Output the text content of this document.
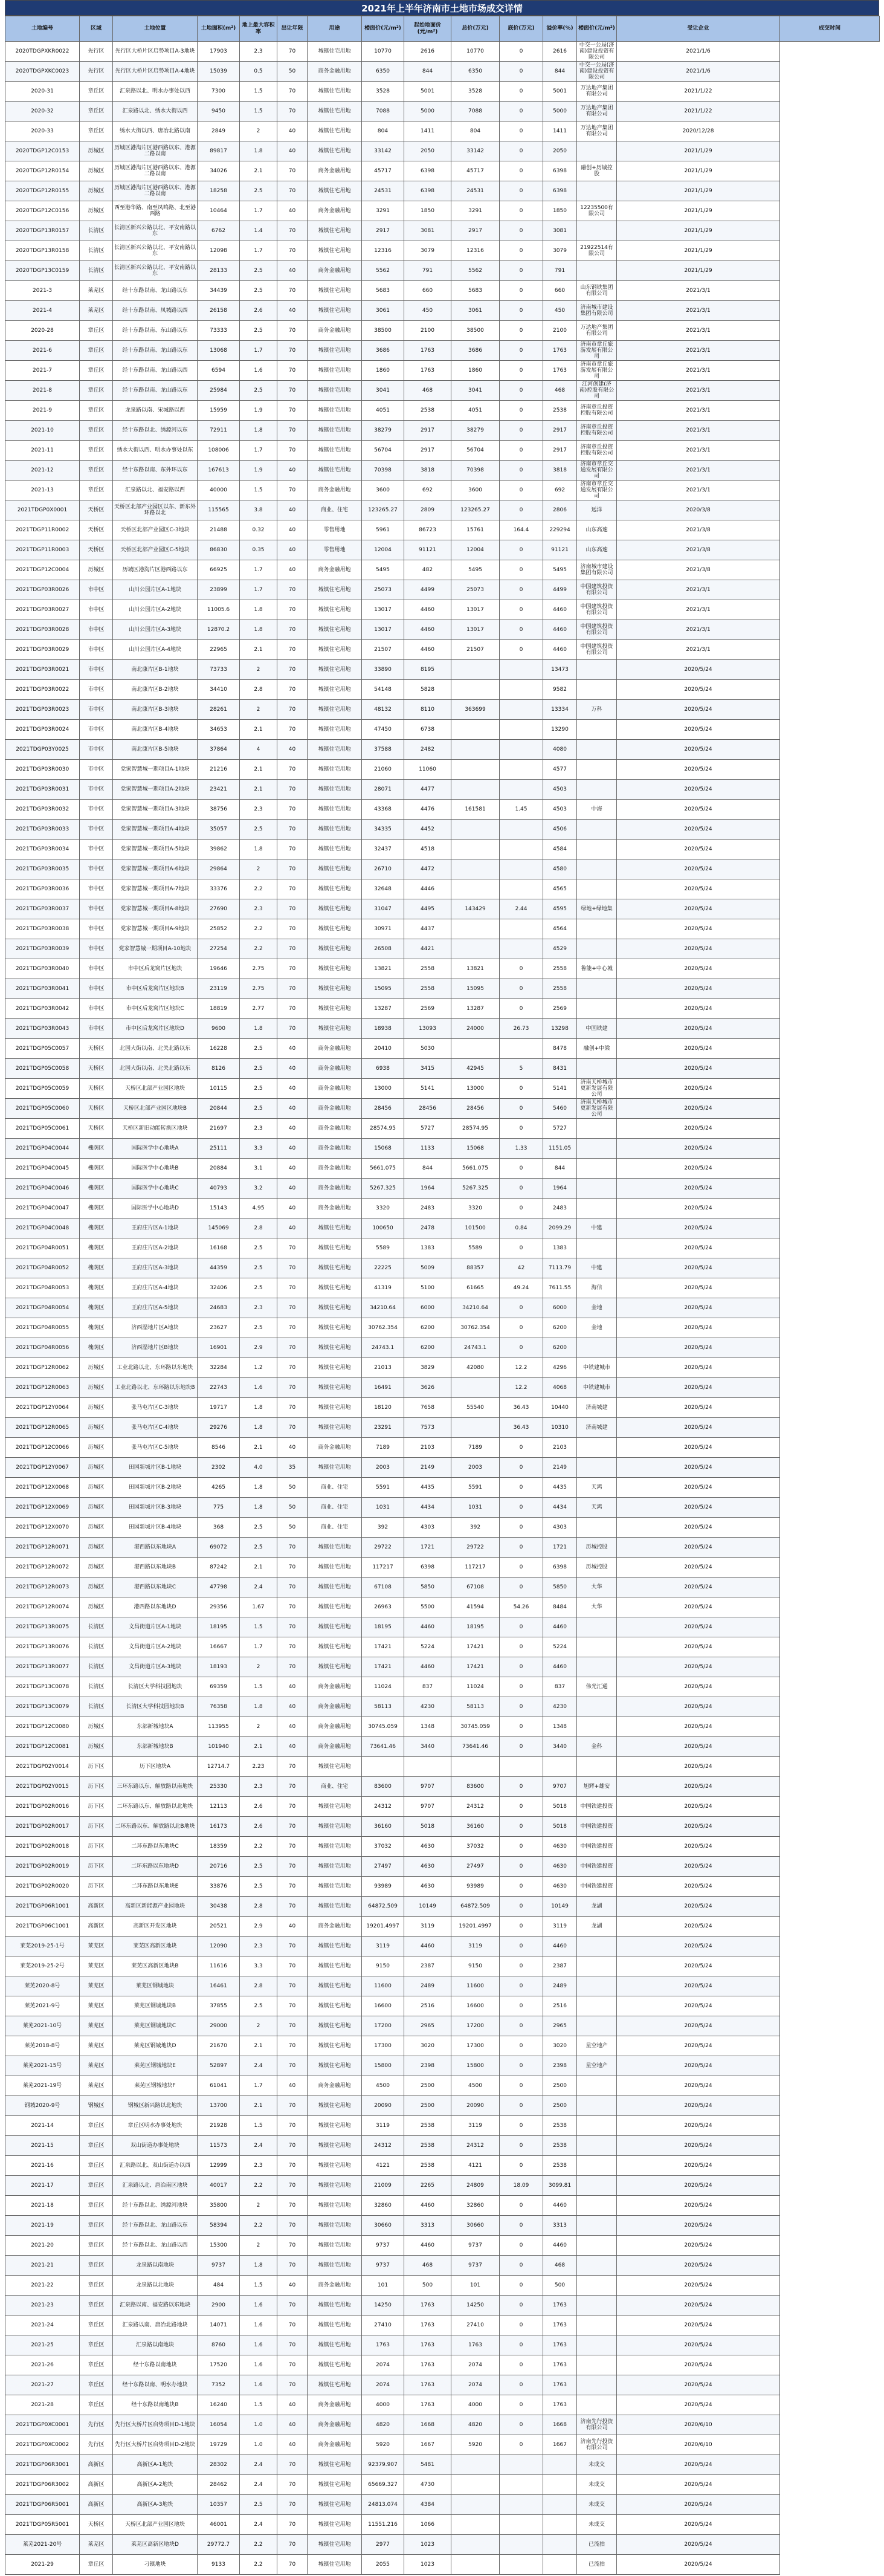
2021年上半年济南市土地市场成交详情
土地编号	区域	土地位置	土地面积(m²)	地上最大容积率	出让年限	用途	楼面价(元/m²)	起始地面价(元/m²)	总价(万元)	底价(万元)	溢价率(%)	楼面价(元/m²)	受让企业	成交时间
2020TDGPXKR0022	先行区	先行区大桥片区启势项目A-3地块	17903	2.3	70	城镇住宅用地	10770	2616	10770	0	2616	中交一公局(济南)建设投资有限公司	2021/1/6	
2020TDGPXKC0023	先行区	先行区大桥片区启势项目A-4地块	15039	0.5	50	商务金融用地	6350	844	6350	0	844	中交一公局(济南)建设投资有限公司	2021/1/6	
2020-31	章丘区	汇泉路以北、明水办事处以西	7300	1.5	70	城镇住宅用地	3528	5001	3528	0	5001	万达地产集团有限公司	2021/1/22	
2020-32	章丘区	汇泉路以北、绣水大街以西	9450	1.5	70	城镇住宅用地	7088	5000	7088	0	5000	万达地产集团有限公司	2021/1/22	
2020-33	章丘区	绣水大街以西、唐冶北路以南	2849	2	40	城镇住宅用地	804	1411	804	0	1411	万达地产集团有限公司	2020/12/28	
2020TDGP12C0153	历城区	历城区港沟片区港西路以东、港源二路以南	89817	1.8	40	城镇住宅用地	33142	2050	33142	0	2050		2021/1/29	
2020TDGP12R0154	历城区	历城区港沟片区港西路以东、港源二路以南	34026	2.1	70	商务金融用地	45717	6398	45717	0	6398	融创+历城控股	2021/1/29	
2020TDGP12R0155	历城区	历城区港沟片区港西路以东、港源二路以南	18258	2.5	70	城镇住宅用地	24531	6398	24531	0	6398		2021/1/29	
2020TDGP12C0156	历城区	西至港华路、南至凤鸣路、北至港西路	10464	1.7	40	商务金融用地	3291	1850	3291	0	1850	12235500有限公司	2021/1/29	
2020TDGP13R0157	长清区	长清区新兴公路以北、平安南路以东	6762	1.4	70	城镇住宅用地	2917	3081	2917	0	3081		2021/1/29	
2020TDGP13R0158	长清区	长清区新兴公路以北、平安南路以东	12098	1.7	70	城镇住宅用地	12316	3079	12316	0	3079	21922514有限公司	2021/1/29	
2020TDGP13C0159	长清区	长清区新兴公路以北、平安南路以东	28133	2.5	40	商务金融用地	5562	791	5562	0	791		2021/1/29	
2021-3	莱芜区	经十东路以南、龙山路以东	34439	2.5	70	城镇住宅用地	5683	660	5683	0	660	山东钢铁集团有限公司	2021/3/1	
2021-4	莱芜区	经十东路以南、凤城路以西	26158	2.6	40	城镇住宅用地	3061	450	3061	0	450	济南城市建设集团有限公司	2021/3/1	
2020-28	章丘区	经十东路以南、东山路以东	73333	2.5	70	商务金融用地	38500	2100	38500	0	2100	万达地产集团有限公司	2021/3/1	
2021-6	章丘区	经十东路以南、龙山路以东	13068	1.7	70	城镇住宅用地	3686	1763	3686	0	1763	济南市章丘旅游发展有限公司	2021/3/1	
2021-7	章丘区	经十东路以南、龙山路以西	6594	1.6	70	城镇住宅用地	1860	1763	1860	0	1763	济南市章丘旅游发展有限公司	2021/3/1	
2021-8	章丘区	经十东路以南、龙山路以东	25984	2.5	70	城镇住宅用地	3041	468	3041	0	468	江河创建(济南)控股有限公司	2021/3/1	
2021-9	章丘区	龙泉路以南、宋城路以西	15959	1.9	70	城镇住宅用地	4051	2538	4051	0	2538	济南章丘投资控股有限公司	2021/3/1	
2021-10	章丘区	经十东路以北、绣源河以东	72911	1.8	70	城镇住宅用地	38279	2917	38279	0	2917	济南章丘投资控股有限公司	2021/3/1	
2021-11	章丘区	绣水大街以西、明水办事处以东	108006	1.7	70	城镇住宅用地	56704	2917	56704	0	2917	济南章丘投资控股有限公司	2021/3/1	
2021-12	章丘区	经十东路以南、东外环以东	167613	1.9	40	城镇住宅用地	70398	3818	70398	0	3818	济南市章丘交通发展有限公司	2021/3/1	
2021-13	章丘区	汇泉路以北、福安路以西	40000	1.5	70	商务金融用地	3600	692	3600	0	692	济南市章丘交通发展有限公司	2021/3/1	
2021TDGP0X0001	天桥区	天桥区北部产业园区以东、新东外环路以北	115565	3.8	40	商业、住宅	123265.27	2809	123265.27	0	2806	远洋	2020/3/8	
2021TDGP11R0002	天桥区	天桥区北部产业园区C-3地块	21488	0.32	40	零售用地	5961	86723	15761	164.4	229294	山东高速	2021/3/8	
2021TDGP11R0003	天桥区	天桥区北部产业园区C-5地块	86830	0.35	40	零售用地	12004	91121	12004	0	91121	山东高速	2021/3/8	
2021TDGP12C0004	历城区	历城区港沟片区港西路以东	66925	1.7	40	商务金融用地	5495	482	5495	0	5495	济南城市建设集团有限公司	2021/3/8	
2021TDGP03R0026	市中区	山川公园片区A-1地块	23899	1.7	70	城镇住宅用地	25073	4499	25073	0	4499	中国建筑投资有限公司	2021/3/1	
2021TDGP03R0027	市中区	山川公园片区A-2地块	11005.6	1.8	70	城镇住宅用地	13017	4460	13017	0	4460	中国建筑投资有限公司	2021/3/1	
2021TDGP03R0028	市中区	山川公园片区A-3地块	12870.2	1.8	70	城镇住宅用地	13017	4460	13017	0	4460	中国建筑投资有限公司	2021/3/1	
2021TDGP03R0029	市中区	山川公园片区A-4地块	22965	2.1	70	城镇住宅用地	21507	4460	21507	0	4460	中国建筑投资有限公司	2021/3/1	
2021TDGP03R0021	市中区	南北康片区B-1地块	73733	2	70	城镇住宅用地	33890	8195			13473		2020/5/24	
2021TDGP03R0022	市中区	南北康片区B-2地块	34410	2.8	70	城镇住宅用地	54148	5828			9582		2020/5/24	
2021TDGP03R0023	市中区	南北康片区B-3地块	28261	2	70	城镇住宅用地	48132	8110	363699		13334	万科	2020/5/24	
2021TDGP03R0024	市中区	南北康片区B-4地块	34653	2.1	70	城镇住宅用地	47450	6738			13290		2020/5/24	
2021TDGP03Y0025	市中区	南北康片区B-5地块	37864	4	40	城镇住宅用地	37588	2482			4080		2020/5/24	
2021TDGP03R0030	市中区	党家智慧城一期项目A-1地块	21216	2.1	70	城镇住宅用地	21060	11060			4577		2020/5/24	
2021TDGP03R0031	市中区	党家智慧城一期项目A-2地块	23421	2.1	70	城镇住宅用地	28071	4477			4503		2020/5/24	
2021TDGP03R0032	市中区	党家智慧城一期项目A-3地块	38756	2.3	70	城镇住宅用地	43368	4476	161581	1.45	4503	中海	2020/5/24	
2021TDGP03R0033	市中区	党家智慧城一期项目A-4地块	35057	2.5	70	城镇住宅用地	34335	4452			4506		2020/5/24	
2021TDGP03R0034	市中区	党家智慧城一期项目A-5地块	39862	1.8	70	城镇住宅用地	32437	4518			4584		2020/5/24	
2021TDGP03R0035	市中区	党家智慧城一期项目A-6地块	29864	2	70	城镇住宅用地	26710	4472			4580		2020/5/24	
2021TDGP03R0036	市中区	党家智慧城一期项目A-7地块	33376	2.2	70	城镇住宅用地	32648	4446			4565		2020/5/24	
2021TDGP03R0037	市中区	党家智慧城一期项目A-8地块	27690	2.3	70	城镇住宅用地	31047	4495	143429	2.44	4595	绿地+绿地集	2020/5/24	
2021TDGP03R0038	市中区	党家智慧城一期项目A-9地块	25852	2.2	70	城镇住宅用地	30971	4437			4564		2020/5/24	
2021TDGP03R0039	市中区	党家智慧城一期项目A-10地块	27254	2.2	70	城镇住宅用地	26508	4421			4529		2020/5/24	
2021TDGP03R0040	市中区	市中区后龙窝片区地块	19646	2.75	70	城镇住宅用地	13821	2558	13821	0	2558	鲁能+中心城	2020/5/24	
2021TDGP03R0041	市中区	市中区后龙窝片区地块B	23119	2.75	70	城镇住宅用地	15095	2558	15095	0	2558		2020/5/24	
2021TDGP03R0042	市中区	市中区后龙窝片区地块C	18819	2.77	70	城镇住宅用地	13287	2569	13287	0	2569		2020/5/24	
2021TDGP03R0043	市中区	市中区后龙窝片区地块D	9600	1.8	70	城镇住宅用地	18938	13093	24000	26.73	13298	中国铁建	2020/5/24	
2021TDGP05C0057	天桥区	北园大街以南、北关北路以东	16228	2.5	40	商务金融用地	20410	5030			8478	融创+中梁	2020/5/24	
2021TDGP05C0058	天桥区	北园大街以南、北关北路以东	8126	2.5	40	商务金融用地	6938	3415	42945	5	8431		2020/5/24	
2021TDGP05C0059	天桥区	天桥区北部产业园区地块	10115	2.5	40	商务金融用地	13000	5141	13000	0	5141	济南天桥城市更新发展有限公司	2020/5/24	
2021TDGP05C0060	天桥区	天桥区北部产业园区地块B	20844	2.5	40	商务金融用地	28456	28456	28456	0	5460	济南天桥城市更新发展有限公司	2020/5/24	
2021TDGP05C0061	天桥区	天桥区新旧动能转换区地块	21697	2.3	40	商务金融用地	28574.95	5727	28574.95	0	5727		2020/5/24	
2021TDGP04C0044	槐荫区	国际医学中心地块A	25111	3.3	40	商务金融用地	15068	1133	15068	1.33	1151.05		2020/5/24	
2021TDGP04C0045	槐荫区	国际医学中心地块B	20884	3.1	40	商务金融用地	5661.075	844	5661.075	0	844		2020/5/24	
2021TDGP04C0046	槐荫区	国际医学中心地块C	40793	3.2	40	商务金融用地	5267.325	1964	5267.325	0	1964		2020/5/24	
2021TDGP04C0047	槐荫区	国际医学中心地块D	15143	4.95	40	商务金融用地	3320	2483	3320	0	2483		2020/5/24	
2021TDGP04C0048	槐荫区	王府庄片区A-1地块	145069	2.8	40	城镇住宅用地	100650	2478	101500	0.84	2099.29	中建	2020/5/24	
2021TDGP04R0051	槐荫区	王府庄片区A-2地块	16168	2.5	70	城镇住宅用地	5589	1383	5589	0	1383		2020/5/24	
2021TDGP04R0052	槐荫区	王府庄片区A-3地块	44359	2.5	70	城镇住宅用地	22225	5009	88357	42	7113.79	中建	2020/5/24	
2021TDGP04R0053	槐荫区	王府庄片区A-4地块	32406	2.5	70	城镇住宅用地	41319	5100	61665	49.24	7611.55	海信	2020/5/24	
2021TDGP04R0054	槐荫区	王府庄片区A-5地块	24683	2.3	70	城镇住宅用地	34210.64	6000	34210.64	0	6000	金地	2020/5/24	
2021TDGP04R0055	槐荫区	济西湿地片区A地块	23627	2.5	70	城镇住宅用地	30762.354	6200	30762.354	0	6200	金地	2020/5/24	
2021TDGP04R0056	槐荫区	济西湿地片区B地块	16901	2.9	70	城镇住宅用地	24743.1	6200	24743.1	0	6200		2020/5/24	
2021TDGP12R0062	历城区	工业北路以北、东环路以东地块	32284	1.2	70	城镇住宅用地	21013	3829	42080	12.2	4296	中铁建城市	2020/5/24	
2021TDGP12R0063	历城区	工业北路以北、东环路以东地块B	22743	1.6	70	城镇住宅用地	16491	3626		12.2	4068	中铁建城市	2020/5/24	
2021TDGP12Y0064	历城区	张马屯片区C-3地块	19717	1.8	70	城镇住宅用地	18120	7658	55540	36.43	10440	济南城建	2020/5/24	
2021TDGP12R0065	历城区	张马屯片区C-4地块	29276	1.8	70	城镇住宅用地	23291	7573		36.43	10310	济南城建	2020/5/24	
2021TDGP12C0066	历城区	张马屯片区C-5地块	8546	2.1	40	商务金融用地	7189	2103	7189	0	2103		2020/5/24	
2021TDGP12Y0067	历城区	田园新城片区B-1地块	2302	4.0	35	城镇住宅用地	2003	2149	2003	0	2149		2020/5/24	
2021TDGP12X0068	历城区	田园新城片区B-2地块	4265	1.8	50	商业、住宅	5591	4435	5591	0	4435	天鸿	2020/5/24	
2021TDGP12X0069	历城区	田园新城片区B-3地块	775	1.8	50	商业、住宅	1031	4434	1031	0	4434	天鸿	2020/5/24	
2021TDGP12X0070	历城区	田园新城片区B-4地块	368	2.5	50	商业、住宅	392	4303	392	0	4303		2020/5/24	
2021TDGP12R0071	历城区	港西路以东地块A	69072	2.5	70	城镇住宅用地	29722	1721	29722	0	1721	历城控股	2020/5/24	
2021TDGP12R0072	历城区	港西路以东地块B	87242	2.1	70	城镇住宅用地	117217	6398	117217	0	6398	历城控股	2020/5/24	
2021TDGP12R0073	历城区	港西路以东地块C	47798	2.4	70	城镇住宅用地	67108	5850	67108	0	5850	大华	2020/5/24	
2021TDGP12R0074	历城区	港西路以东地块D	29356	1.67	70	城镇住宅用地	26963	5500	41594	54.26	8484	大华	2020/5/24	
2021TDGP13R0075	长清区	文昌街道片区A-1地块	18195	1.5	70	城镇住宅用地	18195	4460	18195	0	4460		2020/5/24	
2021TDGP13R0076	长清区	文昌街道片区A-2地块	16667	1.7	70	城镇住宅用地	17421	5224	17421	0	5224		2020/5/24	
2021TDGP13R0077	长清区	文昌街道片区A-3地块	18193	2	70	城镇住宅用地	17421	4460	17421	0	4460		2020/5/24	
2021TDGP13C0078	长清区	长清区大学科技园地块	69359	1.5	40	商务金融用地	11024	837	11024	0	837	伟光汇通	2020/5/24	
2021TDGP13C0079	长清区	长清区大学科技园地块B	76358	1.8	40	商务金融用地	58113	4230	58113	0	4230		2020/5/24	
2021TDGP12C0080	历城区	东部新城地块A	113955	2	40	商务金融用地	30745.059	1348	30745.059	0	1348		2020/5/24	
2021TDGP12C0081	历城区	东部新城地块B	101940	2.1	40	商务金融用地	73641.46	3440	73641.46	0	3440	金科	2020/5/24	
2021TDGP02Y0014	历下区	历下区地块A	12714.7	2.23	70	城镇住宅用地							2020/5/24	
2021TDGP02Y0015	历下区	三环东路以东、解放路以南地块	25330	2.3	70	商业、住宅	83600	9707	83600	0	9707	旭辉+雄安	2020/5/24	
2021TDGP02R0016	历下区	二环东路以东、解放路以北地块	12113	2.6	70	城镇住宅用地	24312	9707	24312	0	5018	中国铁建投资	2020/5/24	
2021TDGP02R0017	历下区	二环东路以东、解放路以北B地块	16173	2.6	70	城镇住宅用地	36160	5018	36160	0	5018	中国铁建投资	2020/5/24	
2021TDGP02R0018	历下区	二环东路以东地块C	18359	2.2	70	城镇住宅用地	37032	4630	37032	0	4630	中国铁建投资	2020/5/24	
2021TDGP02R0019	历下区	二环东路以东地块D	20716	2.5	70	城镇住宅用地	27497	4630	27497	0	4630	中国铁建投资	2020/5/24	
2021TDGP02R0020	历下区	二环东路以东地块E	33876	2.5	70	城镇住宅用地	93989	4630	93989	0	4630	中国铁建投资	2020/5/24	
2021TDGP06R1001	高新区	高新区新能源产业园地块	30438	2.8	70	城镇住宅用地	64872.509	10149	64872.509	0	10149	龙湖	2020/5/24	
2021TDGP06C1001	高新区	高新区开发区地块	20521	2.9	40	商务金融用地	19201.4997	3119	19201.4997	0	3119	龙湖	2020/5/24	
莱芜2019-25-1号	莱芜区	莱芜区高新区地块	12090	2.3	70	城镇住宅用地	3119	4460	3119	0	4460		2020/5/24	
莱芜2019-25-2号	莱芜区	莱芜区高新区地块B	11616	3.3	70	城镇住宅用地	9150	2387	9150	0	2387		2020/5/24	
莱芜2020-8号	莱芜区	莱芜区钢城地块	16461	2.8	70	城镇住宅用地	11600	2489	11600	0	2489		2020/5/24	
莱芜2021-9号	莱芜区	莱芜区钢城地块B	37855	2.5	70	城镇住宅用地	16600	2516	16600	0	2516		2020/5/24	
莱芜2021-10号	莱芜区	莱芜区钢城地块C	29000	2	70	城镇住宅用地	17200	2965	17200	0	2965		2020/5/24	
莱芜2018-8号	莱芜区	莱芜区钢城地块D	21670	2.1	70	城镇住宅用地	17300	3020	17300	0	3020	星空地产	2020/5/24	
莱芜2021-15号	莱芜区	莱芜区钢城地块E	52897	2.4	70	城镇住宅用地	15800	2398	15800	0	2398	星空地产	2020/5/24	
莱芜2021-19号	莱芜区	莱芜区钢城地块F	61041	1.7	40	商务金融用地	4500	2500	4500	0	2500		2020/5/24	
钢城2020-9号	钢城区	钢城区新兴路以北地块	13700	2.1	70	城镇住宅用地	20090	2500	20090	0	2500		2020/5/24	
2021-14	章丘区	章丘区明水办事处地块	21928	1.5	70	城镇住宅用地	3119	2538	3119	0	2538		2020/5/24	
2021-15	章丘区	双山街道办事处地块	11573	2.4	70	城镇住宅用地	24312	2538	24312	0	2538		2020/5/24	
2021-16	章丘区	汇泉路以北、双山街道办以西	12999	2.3	70	城镇住宅用地	4121	2538	4121	0	2538		2020/5/24	
2021-17	章丘区	汇泉路以北、唐冶南区地块	40017	2.2	70	城镇住宅用地	21009	2265	24809	18.09	3099.81		2020/5/24	
2021-18	章丘区	经十东路以北、绣源河地块	35800	2	70	城镇住宅用地	32860	4460	32860	0	4460		2020/5/24	
2021-19	章丘区	经十东路以北、龙山路以东	58394	2.2	70	城镇住宅用地	30660	3313	30660	0	3313		2020/5/24	
2021-20	章丘区	经十东路以北、龙山路以西	15300	2	70	城镇住宅用地	9737	4460	9737	0	4460		2020/5/24	
2021-21	章丘区	龙泉路以南地块	9737	1.8	70	城镇住宅用地	9737	468	9737	0	468		2020/5/24	
2021-22	章丘区	龙泉路以北地块	484	1.5	40	商务金融用地	101	500	101	0	500		2020/5/24	
2021-23	章丘区	汇泉路以南、福安路以东地块	2900	1.6	70	城镇住宅用地	14250	1763	14250	0	1763		2020/5/24	
2021-24	章丘区	汇泉路以南、唐冶北路地块	14071	1.6	70	城镇住宅用地	27410	1763	27410	0	1763		2020/5/24	
2021-25	章丘区	汇泉路以南地块	8760	1.6	70	城镇住宅用地	1763	1763	1763	0	1763		2020/5/24	
2021-26	章丘区	经十东路以南地块	17520	1.6	70	城镇住宅用地	2074	1763	2074	0	1763		2020/5/24	
2021-27	章丘区	经十东路以南、明水办地块	7352	1.6	70	城镇住宅用地	2074	1763	2074	0	1763		2020/5/24	
2021-28	章丘区	经十东路以南地块B	16240	1.5	40	商务金融用地	4000	1763	4000	0	1763		2020/5/24	
2021TDGP0XC0001	先行区	先行区大桥片区启势项目D-1地块	16054	1.0	40	商务金融用地	4820	1668	4820	0	1668	济南先行投资有限公司	2020/6/10	
2021TDGP0XC0002	先行区	先行区大桥片区启势项目D-2地块	19729	1.0	40	商务金融用地	5920	1667	5920	0	1667	济南先行投资有限公司	2020/6/10	
2021TDGP06R3001	高新区	高新区A-1地块	28302	2.4	70	城镇住宅用地	92379.907	5481				未成交	2020/5/24	
2021TDGP06R3002	高新区	高新区A-2地块	28462	2.4	70	城镇住宅用地	65669.327	4730				未成交	2020/5/24	
2021TDGP06R5001	高新区	高新区A-3地块	10357	2.5	70	城镇住宅用地	24813.074	4384				未成交	2020/5/24	
2021TDGP05R5001	天桥区	天桥区北部产业园区地块	46001	2.4	70	城镇住宅用地	11551.216	1066				未成交	2020/5/24	
莱芜2021-20号	莱芜区	莱芜区高新区地块D	29772.7	2.2	70	城镇住宅用地	2977	1023				已流拍	2020/5/24	
2021-29	章丘区	刁镇地块	9133	2.2	70	城镇住宅用地	2055	1023				已流拍	2020/5/24	
